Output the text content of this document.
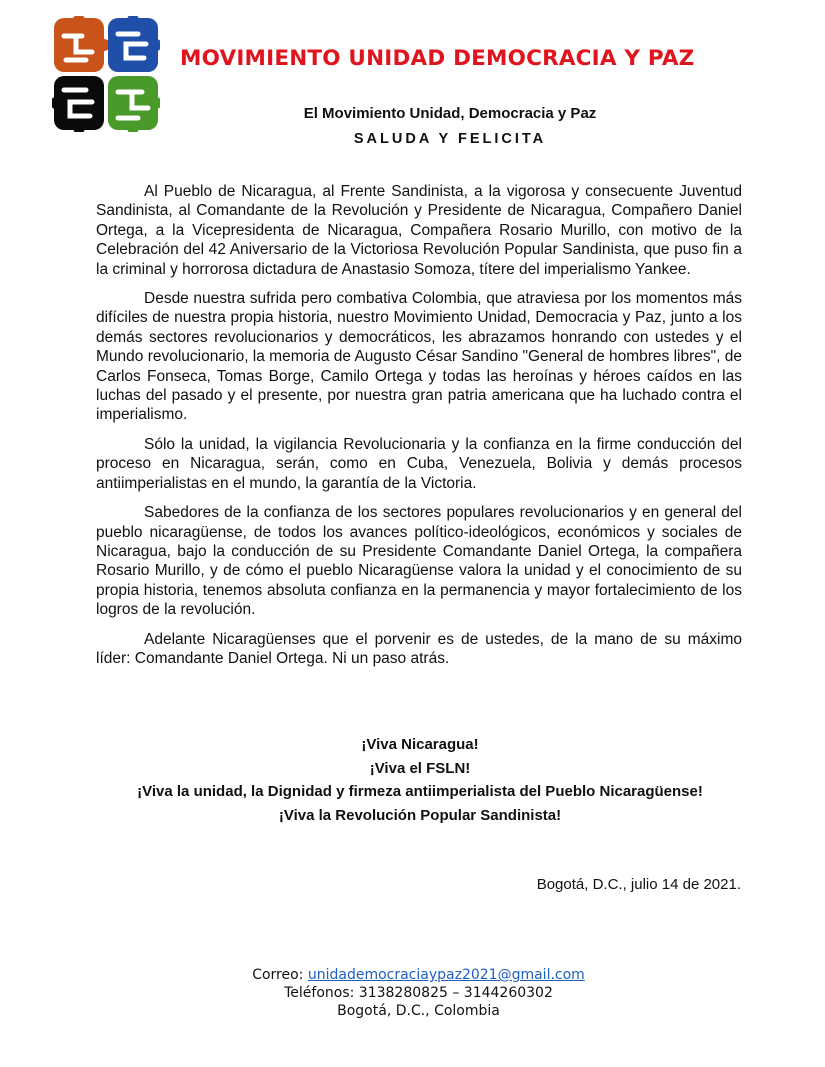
MOVIMIENTO UNIDAD DEMOCRACIA Y PAZ
El Movimiento Unidad, Democracia y Paz
SALUDA Y FELICITA

Al Pueblo de Nicaragua, al Frente Sandinista, a la vigorosa y consecuente Juventud Sandinista, al Comandante de la Revolución y Presidente de Nicaragua, Compañero Daniel Ortega, a la Vicepresidenta de Nicaragua, Compañera Rosario Murillo, con motivo de la Celebración del 42 Aniversario de la Victoriosa Revolución Popular Sandinista, que puso fin a la criminal y horrorosa dictadura de Anastasio Somoza, títere del imperialismo Yankee.

Desde nuestra sufrida pero combativa Colombia, que atraviesa por los momentos más difíciles de nuestra propia historia, nuestro Movimiento Unidad, Democracia y Paz, junto a los demás sectores revolucionarios y democráticos, les abrazamos honrando con ustedes y el Mundo revolucionario, la memoria de Augusto César Sandino "General de hombres libres", de Carlos Fonseca, Tomas Borge, Camilo Ortega y todas las heroínas y héroes caídos en las luchas del pasado y el presente, por nuestra gran patria americana que ha luchado contra el imperialismo.

Sólo la unidad, la vigilancia Revolucionaria y la confianza en la firme conducción del proceso en Nicaragua, serán, como en Cuba, Venezuela, Bolivia y demás procesos antiimperialistas en el mundo, la garantía de la Victoria.

Sabedores de la confianza de los sectores populares revolucionarios y en general del pueblo nicaragüense, de todos los avances político-ideológicos, económicos y sociales de Nicaragua, bajo la conducción de su Presidente Comandante Daniel Ortega, la compañera Rosario Murillo, y de cómo el pueblo Nicaragüense valora la unidad y el conocimiento de su propia historia, tenemos absoluta confianza en la permanencia y mayor fortalecimiento de los logros de la revolución.

Adelante Nicaragüenses que el porvenir es de ustedes, de la mano de su máximo líder: Comandante Daniel Ortega. Ni un paso atrás.

¡Viva Nicaragua!
¡Viva el FSLN!
¡Viva la unidad, la Dignidad y firmeza antiimperialista del Pueblo Nicaragüense!
¡Viva la Revolución Popular Sandinista!
Bogotá, D.C., julio 14 de 2021.
Correo: unidademocraciaypaz2021@gmail.com
Teléfonos: 3138280825 – 3144260302
Bogotá, D.C., Colombia
